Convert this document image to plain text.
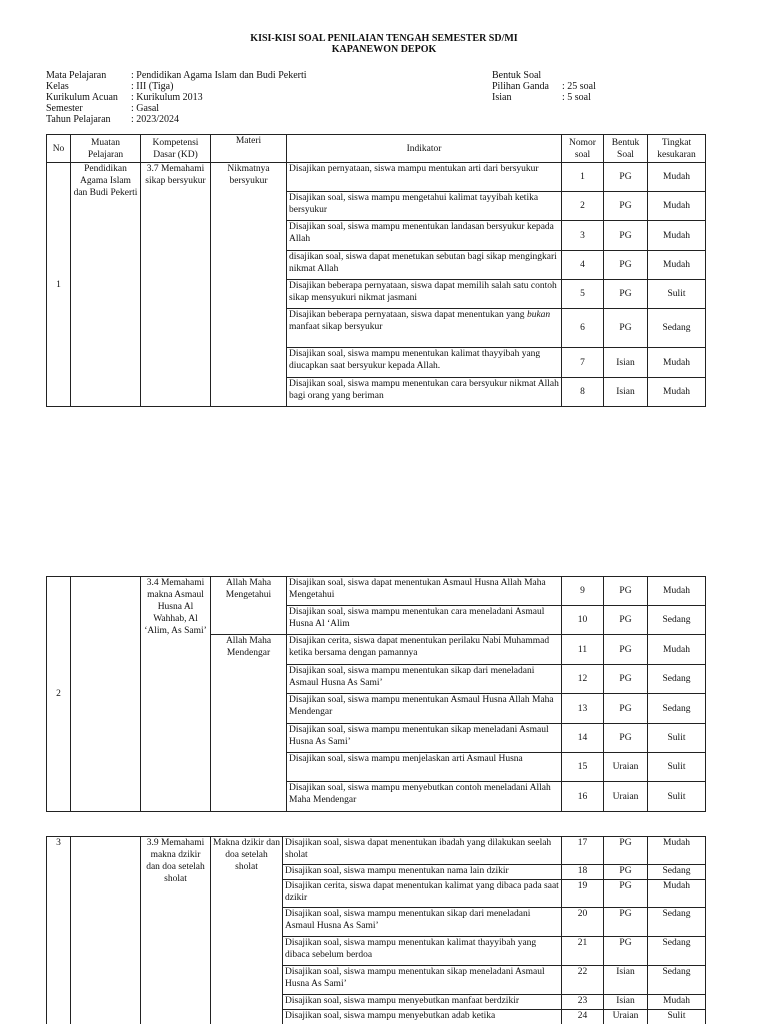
KISI-KISI SOAL PENILAIAN TENGAH SEMESTER SD/MI
KAPANEWON DEPOK
Mata Pelajaran	: Pendidikan Agama Islam dan Budi Pekerti
Kelas	: III (Tiga)
Kurikulum Acuan	: Kurikulum 2013
Semester	: Gasal
Tahun Pelajaran	: 2023/2024
Bentuk Soal
Pilihan Ganda	: 25 soal
Isian	: 5 soal
No	Muatan Pelajaran	Kompetensi Dasar (KD)	Materi	Indikator	Nomor soal	Bentuk Soal	Tingkat kesukaran
1	Pendidikan Agama Islam dan Budi Pekerti	3.7 Memahami sikap bersyukur	Nikmatnya bersyukur	Disajikan pernyataan, siswa mampu mentukan arti dari bersyukur	1	PG	Mudah
				Disajikan soal, siswa mampu mengetahui kalimat tayyibah ketika bersyukur	2	PG	Mudah
				Disajikan soal, siswa mampu menentukan landasan bersyukur kepada Allah	3	PG	Mudah
				disajikan soal, siswa dapat menetukan sebutan bagi sikap mengingkari nikmat Allah	4	PG	Mudah
				Disajikan beberapa pernyataan, siswa dapat memilih salah satu contoh sikap mensyukuri nikmat jasmani	5	PG	Sulit
				Disajikan beberapa pernyataan, siswa dapat menentukan yang bukan manfaat sikap bersyukur	6	PG	Sedang
				Disajikan soal, siswa mampu menentukan kalimat thayyibah yang diucapkan saat bersyukur kepada Allah.	7	Isian	Mudah
				Disajikan soal, siswa mampu menentukan cara bersyukur nikmat Allah bagi orang yang beriman	8	Isian	Mudah
2		3.4 Memahami makna Asmaul Husna Al Wahhab, Al ‘Alim, As Sami’	Allah Maha Mengetahui	Disajikan soal, siswa dapat menentukan Asmaul Husna Allah Maha Mengetahui	9	PG	Mudah
				Disajikan soal, siswa mampu menentukan cara meneladani Asmaul Husna Al ‘Alim	10	PG	Sedang
			Allah Maha Mendengar	Disajikan cerita, siswa dapat menentukan perilaku Nabi Muhammad ketika bersama dengan pamannya	11	PG	Mudah
				Disajikan soal, siswa mampu menentukan sikap dari meneladani Asmaul Husna As Sami’	12	PG	Sedang
				Disajikan soal, siswa mampu menentukan Asmaul Husna Allah Maha Mendengar	13	PG	Sedang
				Disajikan soal, siswa mampu menentukan sikap meneladani Asmaul Husna As Sami’	14	PG	Sulit
				Disajikan soal, siswa mampu menjelaskan arti Asmaul Husna	15	Uraian	Sulit
				Disajikan soal, siswa mampu menyebutkan contoh meneladani Allah Maha Mendengar	16	Uraian	Sulit
3		3.9 Memahami makna dzikir dan doa setelah sholat	Makna dzikir dan doa setelah sholat	Disajikan soal, siswa dapat menentukan ibadah yang dilakukan seelah sholat	17	PG	Mudah
				Disajikan soal, siswa mampu menentukan nama lain dzikir	18	PG	Sedang
				Disajikan cerita, siswa dapat menentukan kalimat yang dibaca pada saat dzikir	19	PG	Mudah
				Disajikan soal, siswa mampu menentukan sikap dari meneladani Asmaul Husna As Sami’	20	PG	Sedang
				Disajikan soal, siswa mampu menentukan kalimat thayyibah yang dibaca sebelum berdoa	21	PG	Sedang
				Disajikan soal, siswa mampu menentukan sikap meneladani Asmaul Husna As Sami’	22	Isian	Sedang
				Disajikan soal, siswa mampu menyebutkan manfaat berdzikir	23	Isian	Mudah
				Disajikan soal, siswa mampu menyebutkan adab ketika	24	Uraian	Sulit
